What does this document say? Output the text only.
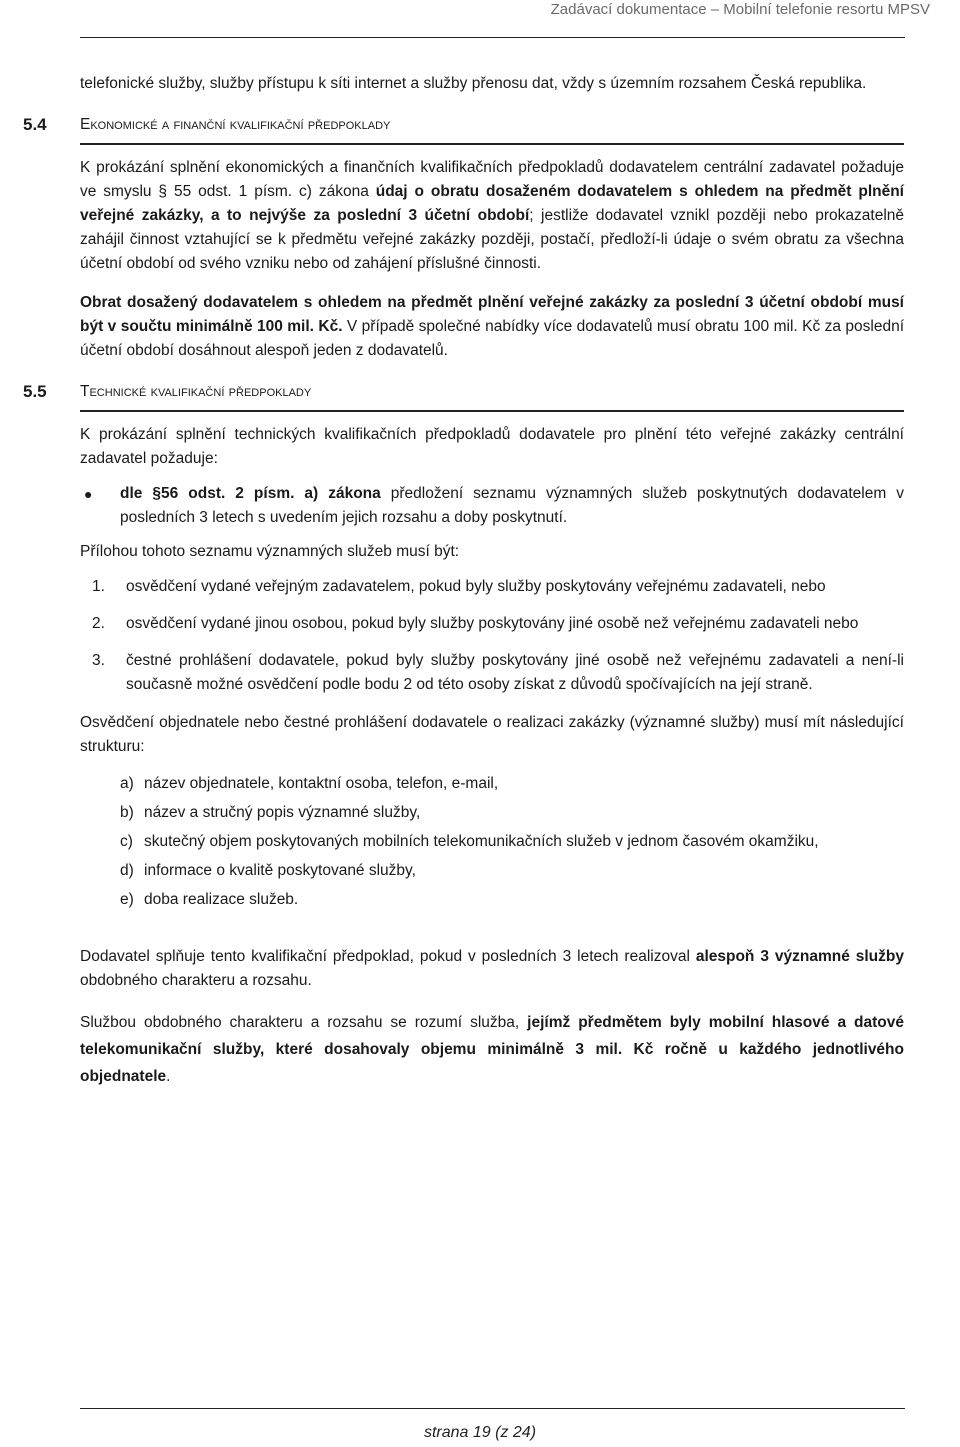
Zadávací dokumentace – Mobilní telefonie resortu MPSV

telefonické služby, služby přístupu k síti internet a služby přenosu dat, vždy s územním rozsahem Česká republika.

5.4 Ekonomické a finanční kvalifikační předpoklady

K prokázání splnění ekonomických a finančních kvalifikačních předpokladů dodavatelem centrální zadavatel požaduje ve smyslu § 55 odst. 1 písm. c) zákona údaj o obratu dosaženém dodavatelem s ohledem na předmět plnění veřejné zakázky, a to nejvýše za poslední 3 účetní období; jestliže dodavatel vznikl později nebo prokazatelně zahájil činnost vztahující se k předmětu veřejné zakázky později, postačí, předloží-li údaje o svém obratu za všechna účetní období od svého vzniku nebo od zahájení příslušné činnosti.

Obrat dosažený dodavatelem s ohledem na předmět plnění veřejné zakázky za poslední 3 účetní období musí být v součtu minimálně 100 mil. Kč. V případě společné nabídky více dodavatelů musí obratu 100 mil. Kč za poslední účetní období dosáhnout alespoň jeden z dodavatelů.

5.5 Technické kvalifikační předpoklady

K prokázání splnění technických kvalifikačních předpokladů dodavatele pro plnění této veřejné zakázky centrální zadavatel požaduje:

●	dle §56 odst. 2 písm. a) zákona předložení seznamu významných služeb poskytnutých dodavatelem v posledních 3 letech s uvedením jejich rozsahu a doby poskytnutí.

Přílohou tohoto seznamu významných služeb musí být:

1.	osvědčení vydané veřejným zadavatelem, pokud byly služby poskytovány veřejnému zadavateli, nebo

2.	osvědčení vydané jinou osobou, pokud byly služby poskytovány jiné osobě než veřejnému zadavateli nebo

3.	čestné prohlášení dodavatele, pokud byly služby poskytovány jiné osobě než veřejnému zadavateli a není-li současně možné osvědčení podle bodu 2 od této osoby získat z důvodů spočívajících na její straně.

Osvědčení objednatele nebo čestné prohlášení dodavatele o realizaci zakázky (významné služby) musí mít následující strukturu:

a) název objednatele, kontaktní osoba, telefon, e-mail,
b) název a stručný popis významné služby,
c) skutečný objem poskytovaných mobilních telekomunikačních služeb v jednom časovém okamžiku,
d) informace o kvalitě poskytované služby,
e) doba realizace služeb.

Dodavatel splňuje tento kvalifikační předpoklad, pokud v posledních 3 letech realizoval alespoň 3 významné služby obdobného charakteru a rozsahu.

Službou obdobného charakteru a rozsahu se rozumí služba, jejímž předmětem byly mobilní hlasové a datové telekomunikační služby, které dosahovaly objemu minimálně 3 mil. Kč ročně u každého jednotlivého objednatele.

strana 19 (z 24)
